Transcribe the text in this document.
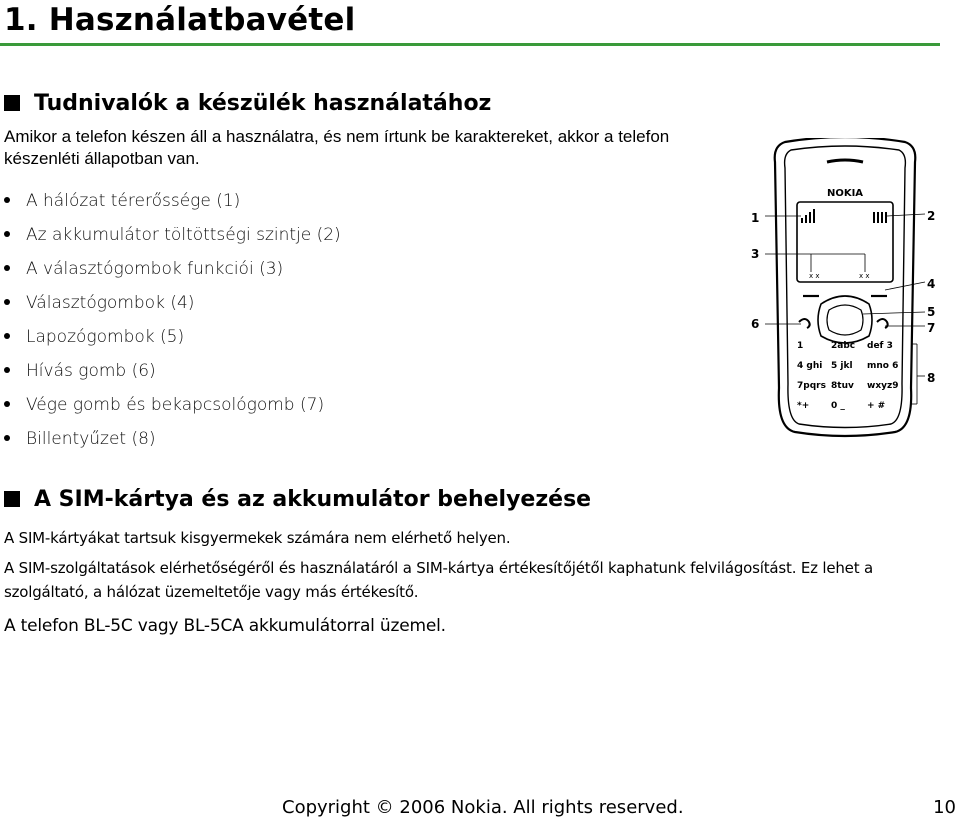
1. Használatbavétel
Tudnivalók a készülék használatához

Amikor a telefon készen áll a használatra, és nem írtunk be karaktereket, akkor a telefon készenléti állapotban van.

A hálózat térerőssége (1)
Az akkumulátor töltöttségi szintje (2)
A választógombok funkciói (3)
Választógombok (4)
Lapozógombok (5)
Hívás gomb (6)
Vége gomb és bekapcsológomb (7)
Billentyűzet (8)
NOKIA
x x	x x
1	2abc def 3
4 ghi 5 jkl mno 6
7pqrs 8tuv wxyz9
*+ 0 _ + #
1	2
3
4
5
6	7
8
A SIM-kártya és az akkumulátor behelyezése

A SIM-kártyákat tartsuk kisgyermekek számára nem elérhető helyen.

A SIM-szolgáltatások elérhetőségéről és használatáról a SIM-kártya értékesítőjétől kaphatunk felvilágosítást. Ez lehet a

szolgáltató, a hálózat üzemeltetője vagy más értékesítő.

A telefon BL-5C vagy BL-5CA akkumulátorral üzemel.

Copyright © 2006 Nokia. All rights reserved.	10
